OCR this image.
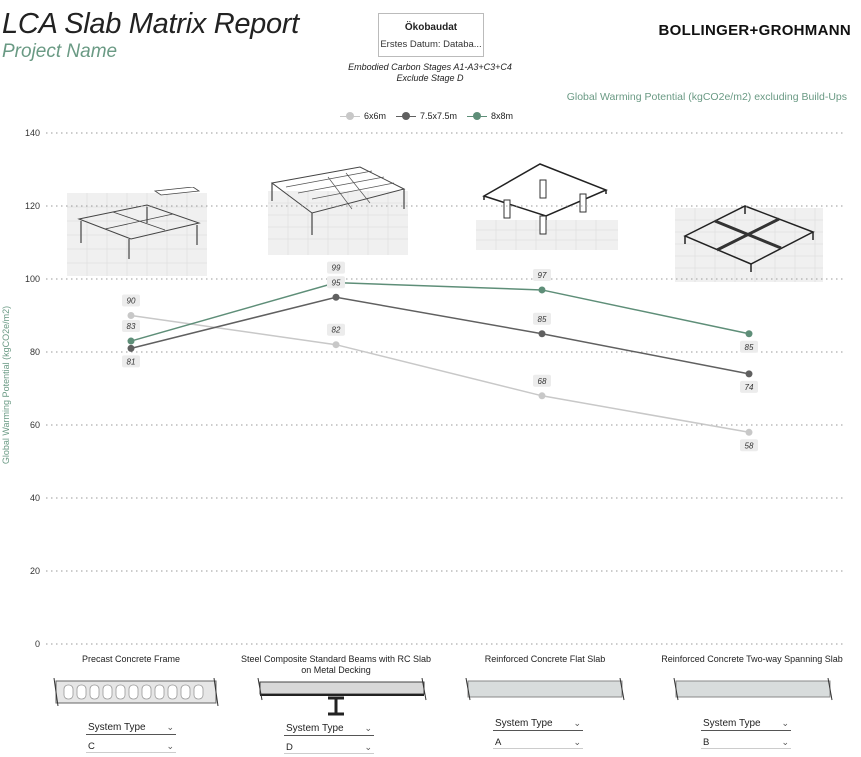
LCA Slab Matrix Report
Project Name
Ökobaudat
Erstes Datum: Databa...
Embodied Carbon Stages A1-A3+C3+C4
Exclude Stage D
BOLLINGER+GROHMANN
Global Warming Potential (kgCO2e/m2) excluding Build-Ups
6x6m	7.5x7.5m	8x8m
Global Warming Potential (kgCO2e/m2)
0
20
40
60
80
100
120
140
90
82
68
58
81
95
85
74
83
99
97
85
Precast Concrete Frame	Steel Composite Standard Beams with RC Slab on Metal Decking
Reinforced Concrete Flat Slab	Reinforced Concrete Two-way Spanning Slab
System Type ⌄
C	⌄
System Type ⌄
D	⌄
System Type ⌄
A	⌄
System Type ⌄
B	⌄
